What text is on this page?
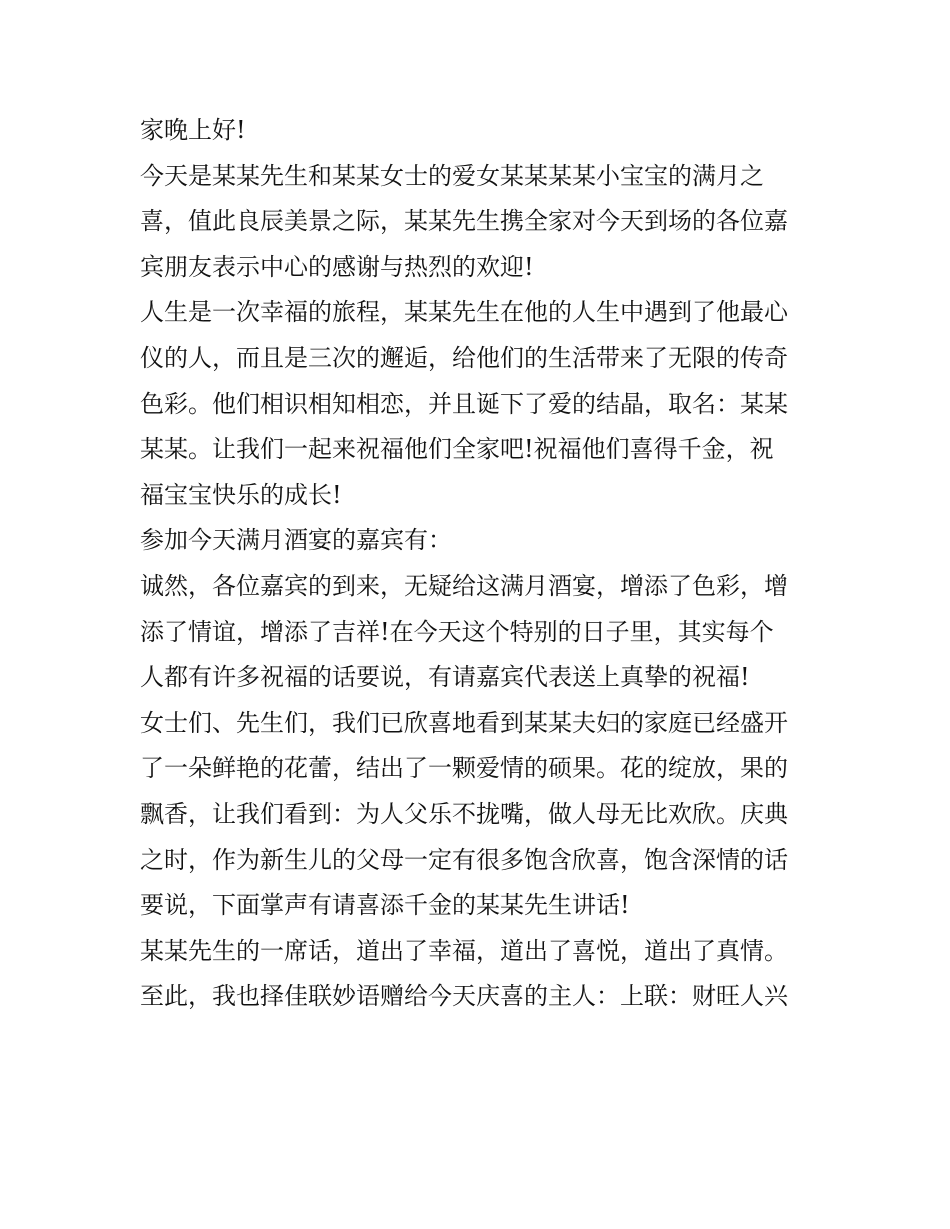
家晚上好!
今天是某某先生和某某女士的爱女某某某某小宝宝的满月之
喜，值此良辰美景之际，某某先生携全家对今天到场的各位嘉
宾朋友表示中心的感谢与热烈的欢迎!
人生是一次幸福的旅程，某某先生在他的人生中遇到了他最心
仪的人，而且是三次的邂逅，给他们的生活带来了无限的传奇
色彩。他们相识相知相恋，并且诞下了爱的结晶，取名：某某
某某。让我们一起来祝福他们全家吧!祝福他们喜得千金，祝
福宝宝快乐的成长!
参加今天满月酒宴的嘉宾有：
诚然，各位嘉宾的到来，无疑给这满月酒宴，增添了色彩，增
添了情谊，增添了吉祥!在今天这个特别的日子里，其实每个
人都有许多祝福的话要说，有请嘉宾代表送上真挚的祝福!
女士们、先生们，我们已欣喜地看到某某夫妇的家庭已经盛开
了一朵鲜艳的花蕾，结出了一颗爱情的硕果。花的绽放，果的
飘香，让我们看到：为人父乐不拢嘴，做人母无比欢欣。庆典
之时，作为新生儿的父母一定有很多饱含欣喜，饱含深情的话
要说，下面掌声有请喜添千金的某某先生讲话!
某某先生的一席话，道出了幸福，道出了喜悦，道出了真情。
至此，我也择佳联妙语赠给今天庆喜的主人：上联：财旺人兴
